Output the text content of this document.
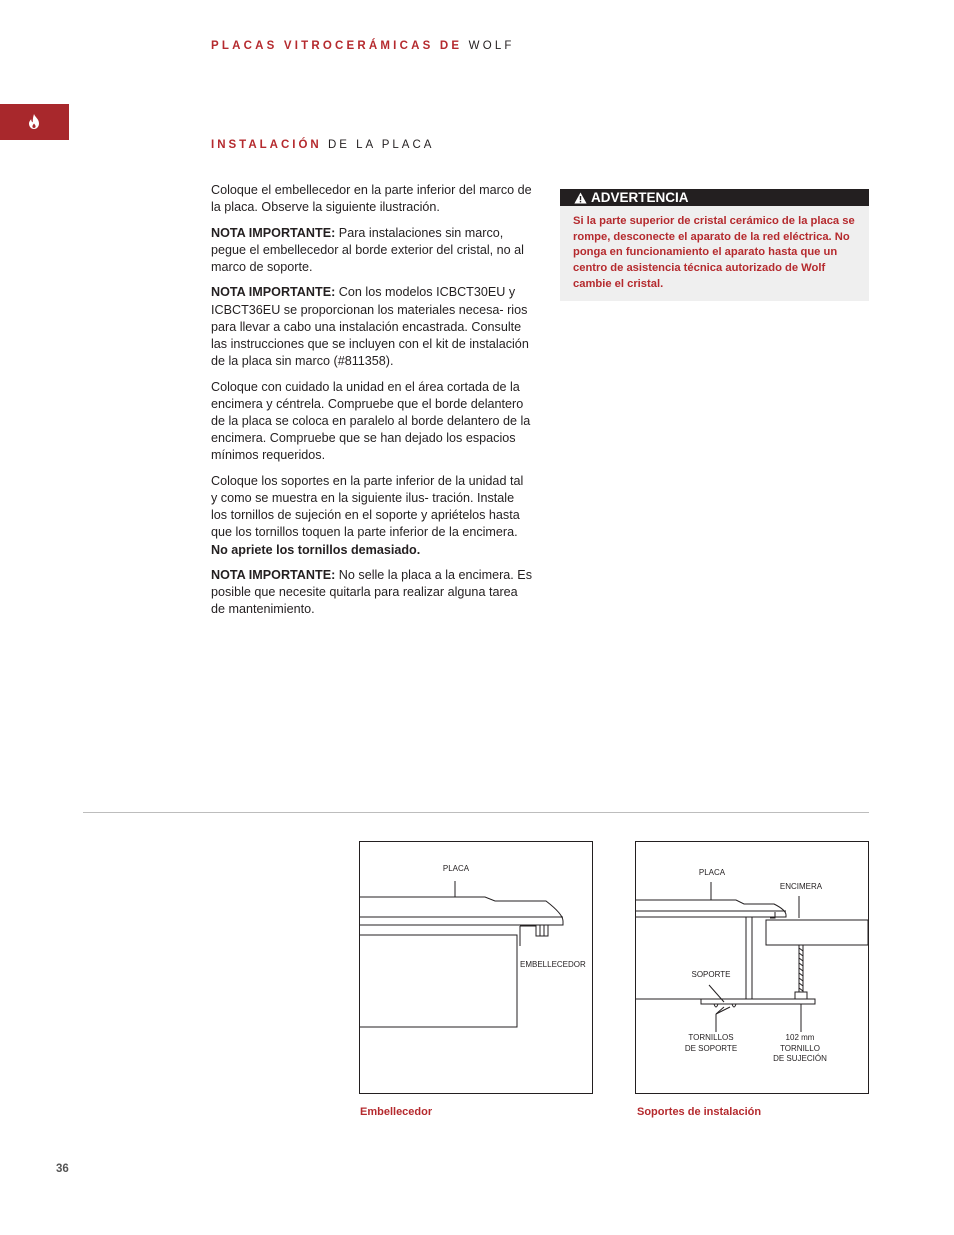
PLACAS VITROCERÁMICAS DE WOLF
INSTALACIÓN DE LA PLACA

Coloque el embellecedor en la parte inferior del marco de la placa. Observe la siguiente ilustración.

NOTA IMPORTANTE: Para instalaciones sin marco, pegue el embellecedor al borde exterior del cristal, no al marco de soporte.

NOTA IMPORTANTE: Con los modelos ICBCT30EU y ICBCT36EU se proporcionan los materiales necesa- rios para llevar a cabo una instalación encastrada. Consulte las instrucciones que se incluyen con el kit de instalación de la placa sin marco (#811358).

Coloque con cuidado la unidad en el área cortada de la encimera y céntrela. Compruebe que el borde delantero de la placa se coloca en paralelo al borde delantero de la encimera. Compruebe que se han dejado los espacios mínimos requeridos.

Coloque los soportes en la parte inferior de la unidad tal y como se muestra en la siguiente ilus- tración. Instale los tornillos de sujeción en el soporte y apriételos hasta que los tornillos toquen la parte inferior de la encimera. No apriete los tornillos demasiado.

NOTA IMPORTANTE: No selle la placa a la encimera. Es posible que necesite quitarla para realizar alguna tarea de mantenimiento.

ADVERTENCIA
Si la parte superior de cristal cerámico de la placa se rompe, desconecte el aparato de la red eléctrica. No ponga en funcionamiento el aparato hasta que un centro de asistencia técnica autorizado de Wolf cambie el cristal.
PLACA
EMBELLECEDOR
Embellecedor
PLACA
ENCIMERA
SOPORTE
TORNILLOS
DE SOPORTE
102 mm
TORNILLO
DE SUJECIÓN
Soportes de instalación
36
